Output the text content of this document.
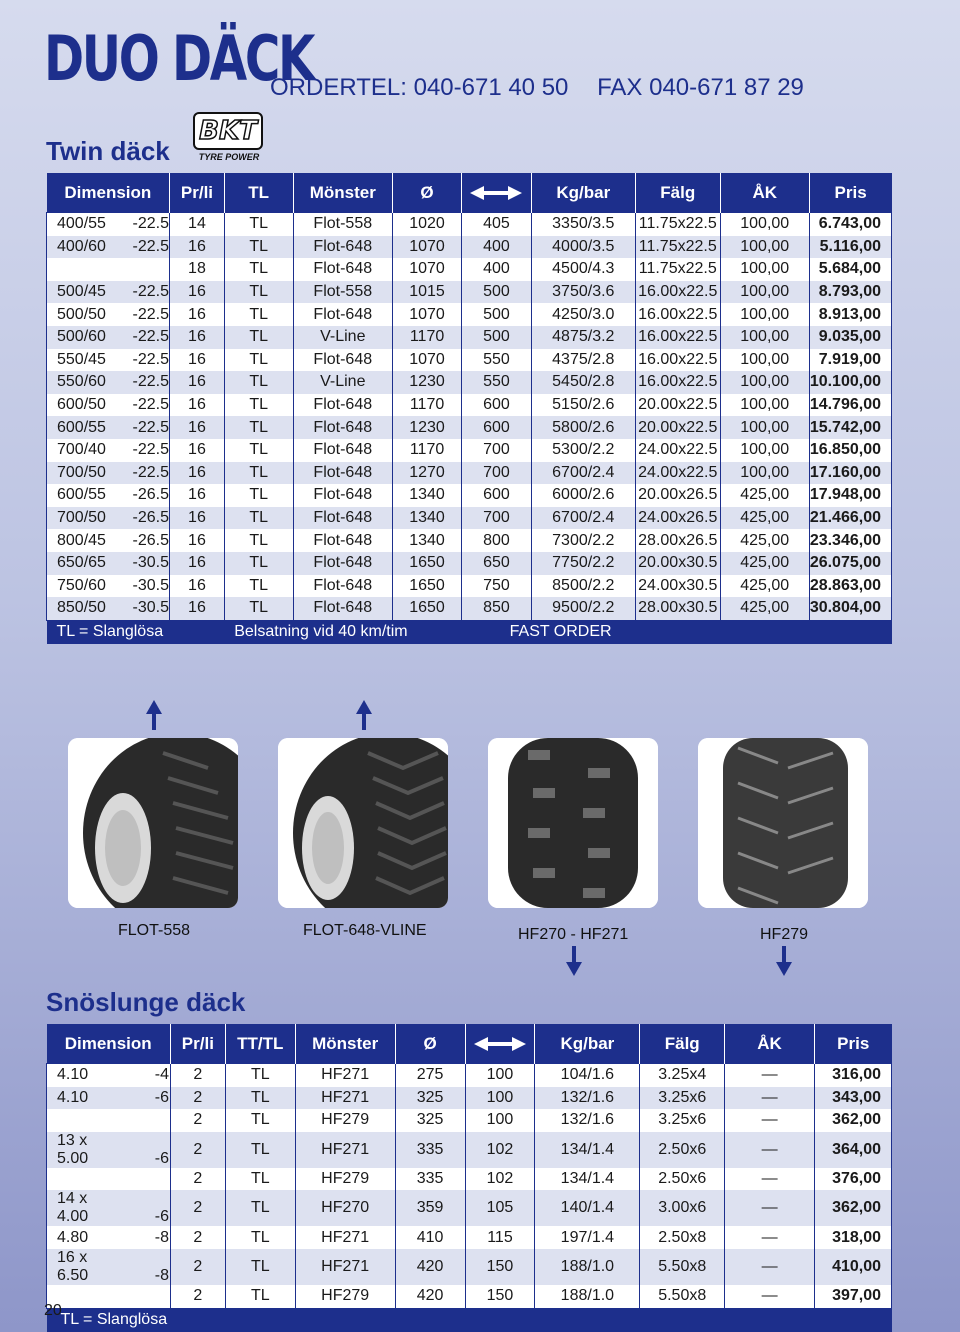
DUO DÄCK
ORDERTEL: 040-671 40 50 FAX 040-671 87 29
Twin däck
BKT
TYRE POWER
Dimension	Pr/li	TL	Mönster	Ø		Kg/bar	Fälg	ÅK	Pris
400/55 -22.5	14	TL	Flot-558	1020	405	3350/3.5	11.75x22.5	100,00	6.743,00
400/60 -22.5	16	TL	Flot-648	1070	400	4000/3.5	11.75x22.5	100,00	5.116,00
	18	TL	Flot-648	1070	400	4500/4.3	11.75x22.5	100,00	5.684,00
500/45 -22.5	16	TL	Flot-558	1015	500	3750/3.6	16.00x22.5	100,00	8.793,00
500/50 -22.5	16	TL	Flot-648	1070	500	4250/3.0	16.00x22.5	100,00	8.913,00
500/60 -22.5	16	TL	V-Line	1170	500	4875/3.2	16.00x22.5	100,00	9.035,00
550/45 -22.5	16	TL	Flot-648	1070	550	4375/2.8	16.00x22.5	100,00	7.919,00
550/60 -22.5	16	TL	V-Line	1230	550	5450/2.8	16.00x22.5	100,00	10.100,00
600/50 -22.5	16	TL	Flot-648	1170	600	5150/2.6	20.00x22.5	100,00	14.796,00
600/55 -22.5	16	TL	Flot-648	1230	600	5800/2.6	20.00x22.5	100,00	15.742,00
700/40 -22.5	16	TL	Flot-648	1170	700	5300/2.2	24.00x22.5	100,00	16.850,00
700/50 -22.5	16	TL	Flot-648	1270	700	6700/2.4	24.00x22.5	100,00	17.160,00
600/55 -26.5	16	TL	Flot-648	1340	600	6000/2.6	20.00x26.5	425,00	17.948,00
700/50 -26.5	16	TL	Flot-648	1340	700	6700/2.4	24.00x26.5	425,00	21.466,00
800/45 -26.5	16	TL	Flot-648	1340	800	7300/2.2	28.00x26.5	425,00	23.346,00
650/65 -30.5	16	TL	Flot-648	1650	650	7750/2.2	20.00x30.5	425,00	26.075,00
750/60 -30.5	16	TL	Flot-648	1650	750	8500/2.2	24.00x30.5	425,00	28.863,00
850/50 -30.5	16	TL	Flot-648	1650	850	9500/2.2	28.00x30.5	425,00	30.804,00
TL = Slanglösa		Belsatning vid 40 km/tim			FAST ORDER				
FLOT-558	FLOT-648-VLINE	HF270 - HF271	HF279
Snöslunge däck
Dimension	Pr/li	TT/TL	Mönster	Ø		Kg/bar	Fälg	ÅK	Pris
4.10 -4	2	TL	HF271	275	100	104/1.6	3.25x4	—	316,00
4.10 -6	2	TL	HF271	325	100	132/1.6	3.25x6	—	343,00
	2	TL	HF279	325	100	132/1.6	3.25x6	—	362,00
13 x 5.00 -6	2	TL	HF271	335	102	134/1.4	2.50x6	—	364,00
	2	TL	HF279	335	102	134/1.4	2.50x6	—	376,00
14 x 4.00 -6	2	TL	HF270	359	105	140/1.4	3.00x6	—	362,00
4.80 -8	2	TL	HF271	410	115	197/1.4	2.50x8	—	318,00
16 x 6.50 -8	2	TL	HF271	420	150	188/1.0	5.50x8	—	410,00
	2	TL	HF279	420	150	188/1.0	5.50x8	—	397,00
TL = Slanglösa									
20
